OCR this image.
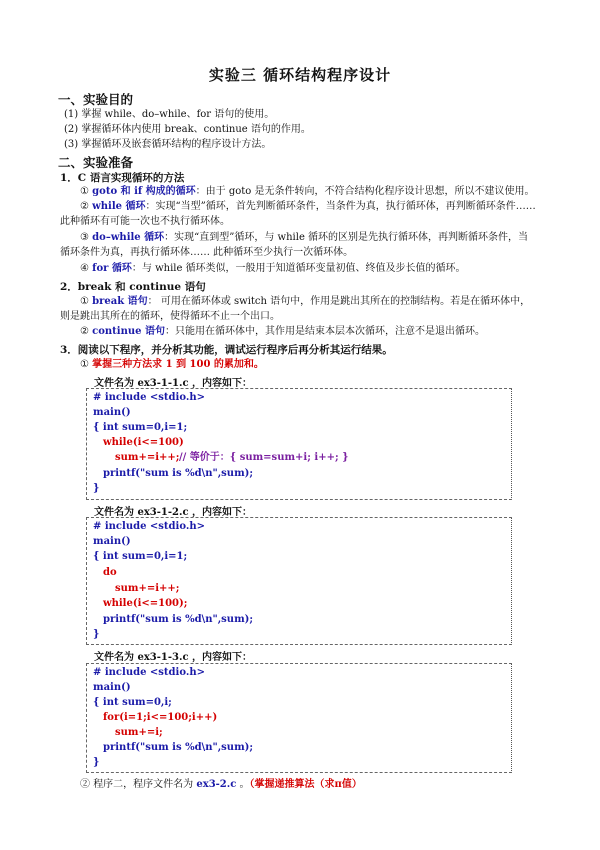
实验三 循环结构程序设计
一、实验目的
(1) 掌握 while、do–while、for 语句的使用。
(2) 掌握循环体内使用 break、continue 语句的作用。
(3) 掌握循环及嵌套循环结构的程序设计方法。
二、实验准备
1．C 语言实现循环的方法
① goto 和 if 构成的循环：由于 goto 是无条件转向，不符合结构化程序设计思想，所以不建议使用。
② while 循环：实现“当型”循环，首先判断循环条件，当条件为真，执行循环体，再判断循环条件……
此种循环有可能一次也不执行循环体。
③ do–while 循环：实现“直到型”循环，与 while 循环的区别是先执行循环体，再判断循环条件，当
循环条件为真，再执行循环体…… 此种循环至少执行一次循环体。
④ for 循环：与 while 循环类似，一般用于知道循环变量初值、终值及步长值的循环。
2．break 和 continue 语句
① break 语句： 可用在循环体或 switch 语句中，作用是跳出其所在的控制结构。若是在循环体中，
则是跳出其所在的循环，使得循环不止一个出口。
② continue 语句：只能用在循环体中，其作用是结束本层本次循环，注意不是退出循环。
3．阅读以下程序，并分析其功能，调试运行程序后再分析其运行结果。
① 掌握三种方法求 1 到 100 的累加和。
文件名为 ex3-1-1.c ，内容如下：
# include <stdio.h>
main()
{ int sum=0,i=1;
while(i<=100)
sum+=i++; // 等价于：{ sum=sum+i; i++; }
printf("sum is %d\n",sum);
}
文件名为 ex3-1-2.c ，内容如下：
# include <stdio.h>
main()
{ int sum=0,i=1;
do
sum+=i++;
while(i<=100);
printf("sum is %d\n",sum);
}
文件名为 ex3-1-3.c ，内容如下：
# include <stdio.h>
main()
{ int sum=0,i;
for(i=1;i<=100;i++)
sum+=i;
printf("sum is %d\n",sum);
}
② 程序二，程序文件名为 ex3-2.c 。（掌握递推算法（求π值）
